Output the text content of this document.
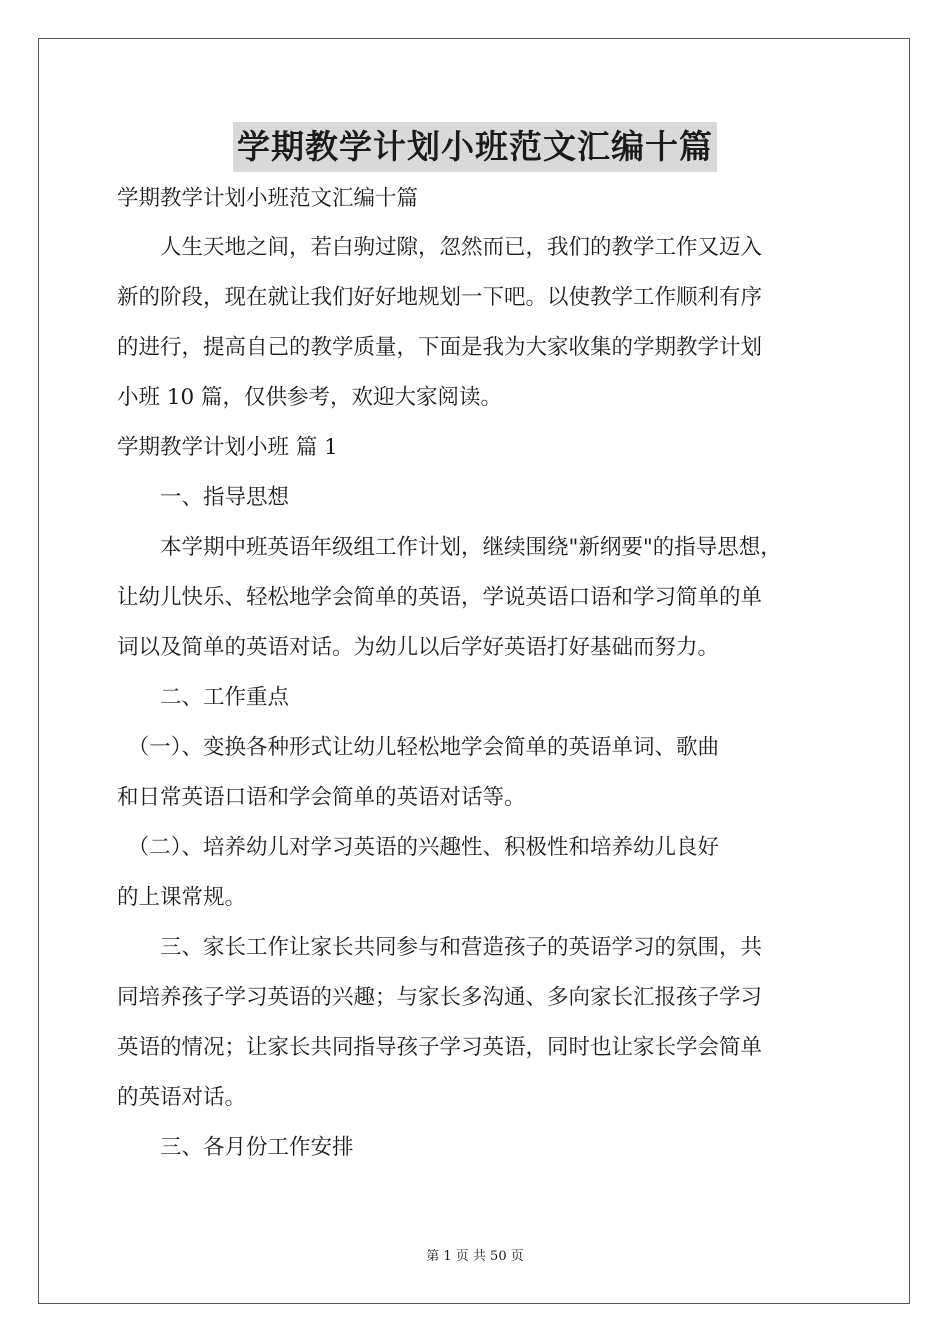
学期教学计划小班范文汇编十篇
学期教学计划小班范文汇编十篇
　　人生天地之间，若白驹过隙，忽然而已，我们的教学工作又迈入
新的阶段，现在就让我们好好地规划一下吧。以使教学工作顺利有序
的进行，提高自己的教学质量，下面是我为大家收集的学期教学计划
小班 10 篇，仅供参考，欢迎大家阅读。
学期教学计划小班 篇 1
　　一、指导思想
　　本学期中班英语年级组工作计划，继续围绕"新纲要"的指导思想，
让幼儿快乐、轻松地学会简单的英语，学说英语口语和学习简单的单
词以及简单的英语对话。为幼儿以后学好英语打好基础而努力。
　　二、工作重点
　（一）、变换各种形式让幼儿轻松地学会简单的英语单词、歌曲
和日常英语口语和学会简单的英语对话等。
　（二）、培养幼儿对学习英语的兴趣性、积极性和培养幼儿良好
的上课常规。
　　三、家长工作让家长共同参与和营造孩子的英语学习的氛围，共
同培养孩子学习英语的兴趣；与家长多沟通、多向家长汇报孩子学习
英语的情况；让家长共同指导孩子学习英语，同时也让家长学会简单
的英语对话。
　　三、各月份工作安排
第 1 页 共 50 页
